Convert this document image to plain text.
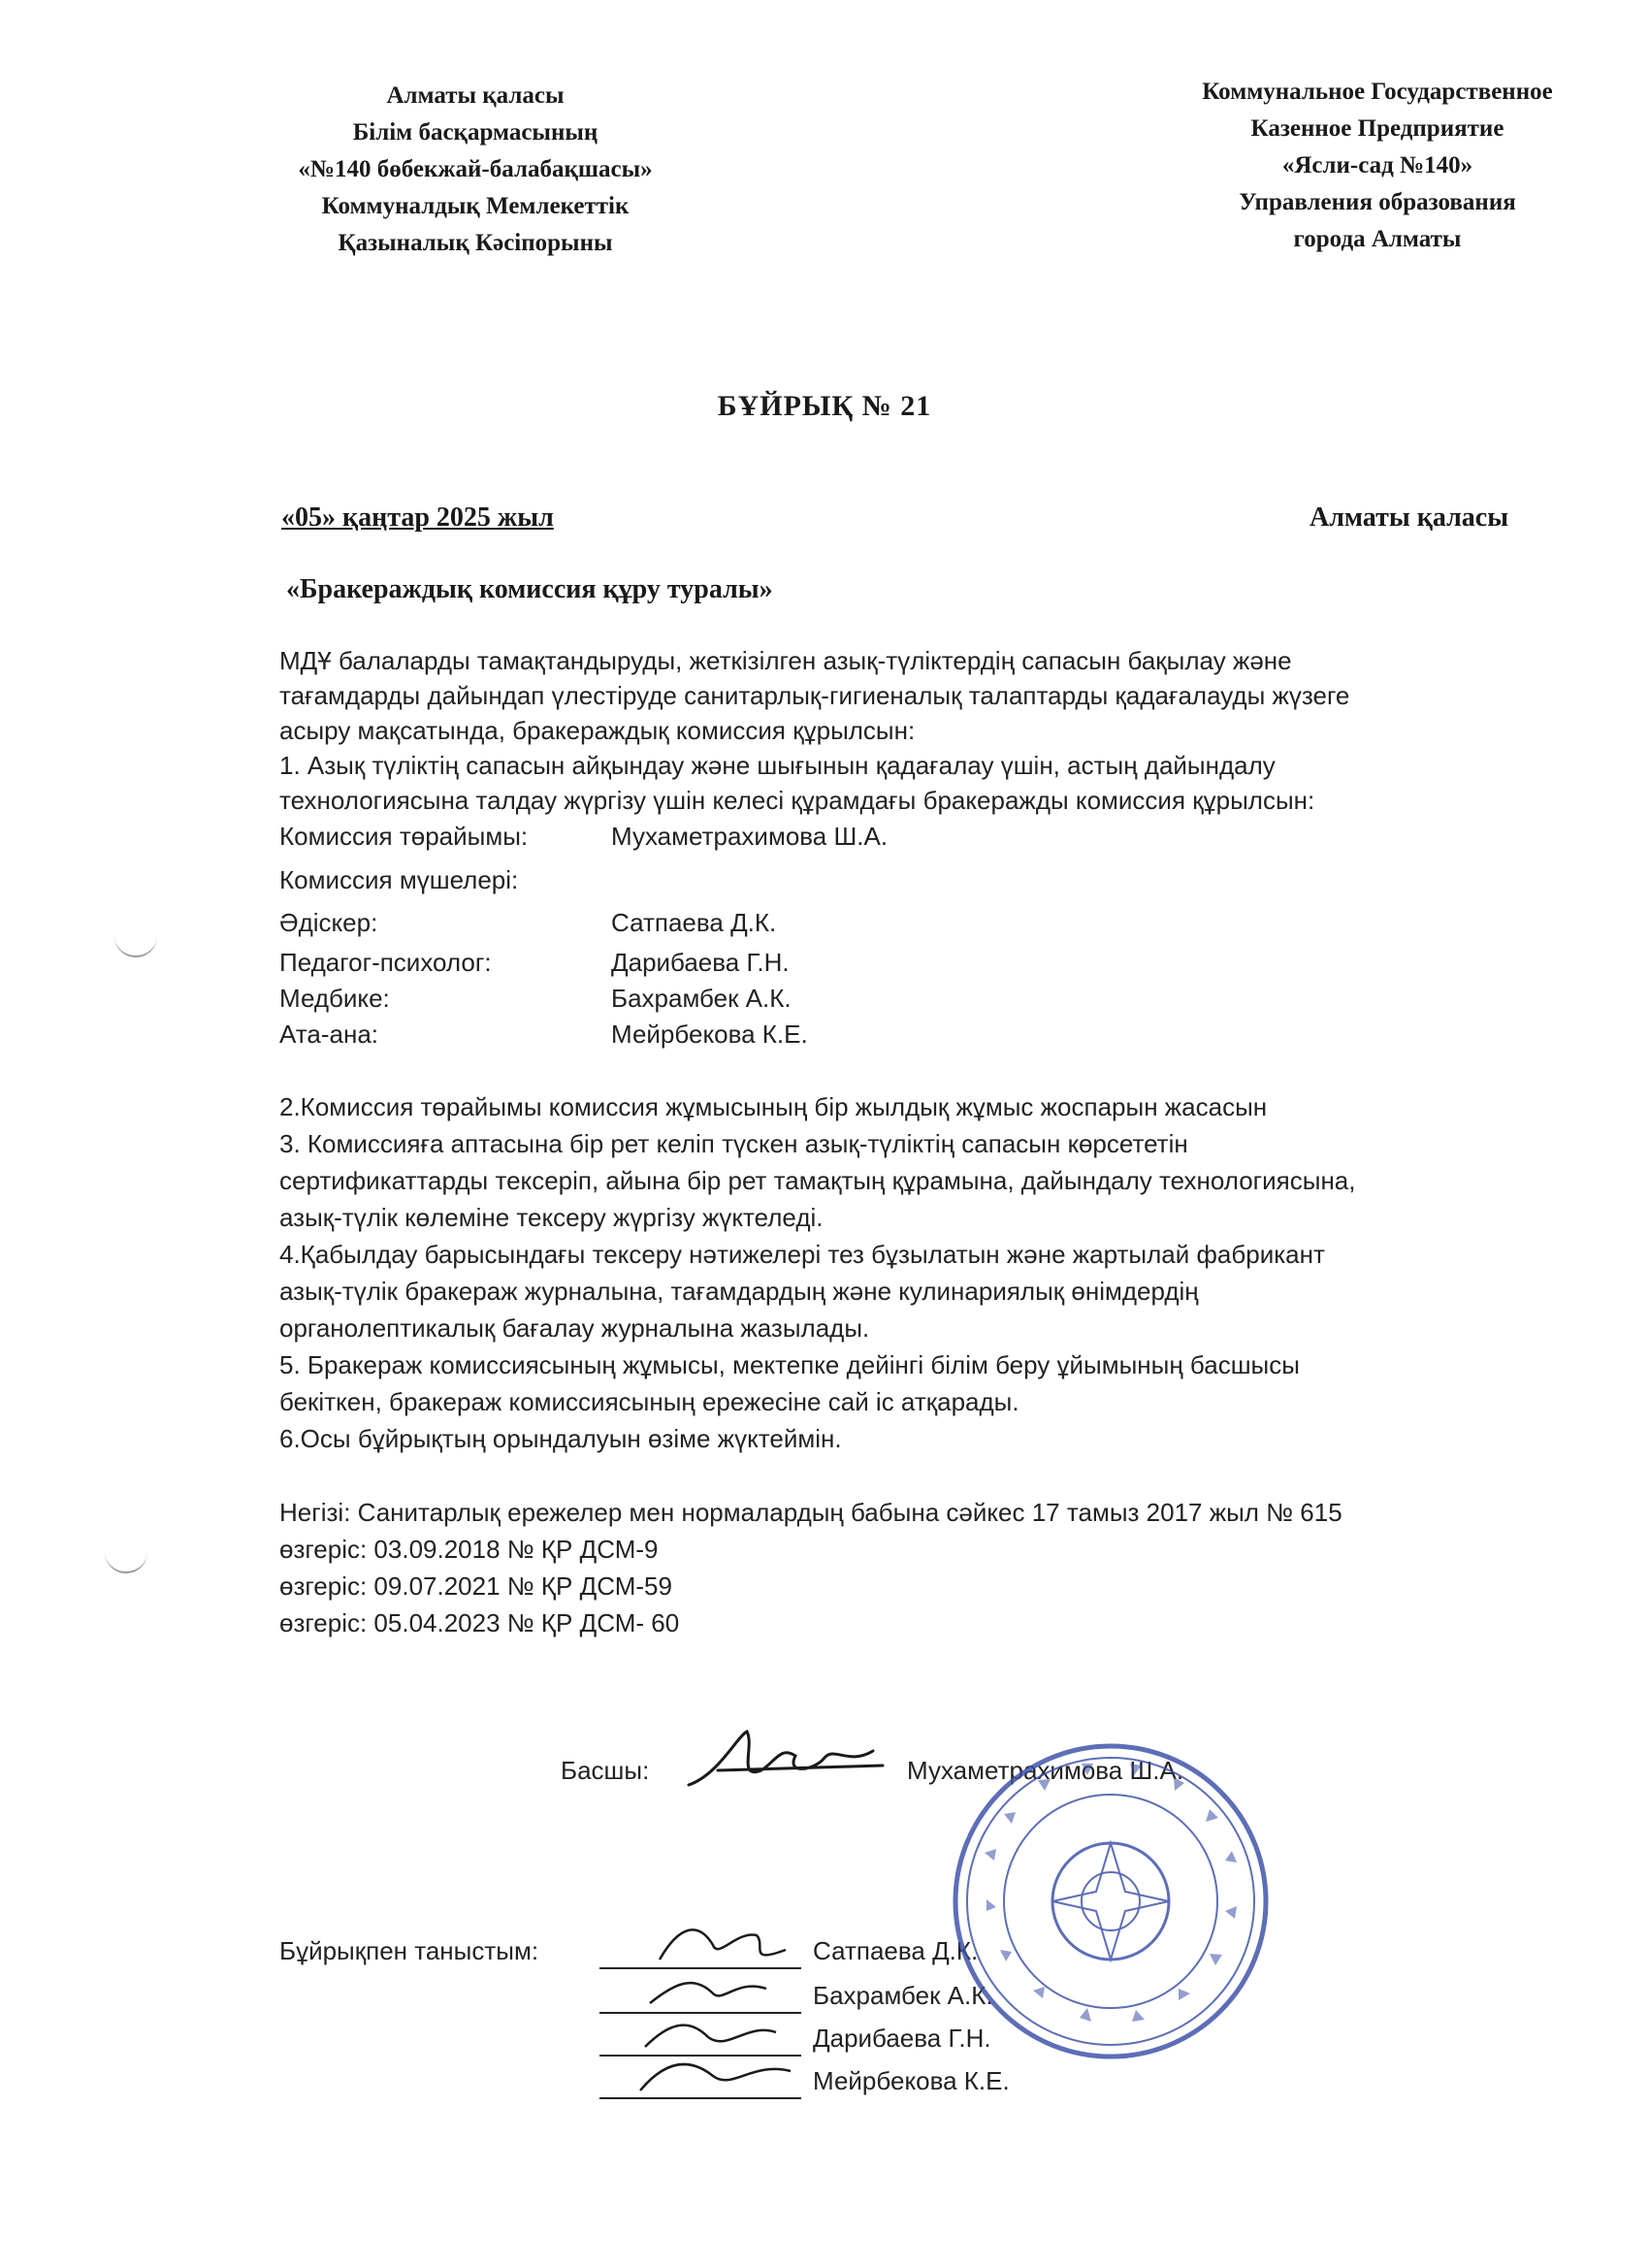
Алматы қаласы
Білім басқармасының
«№140 бөбекжай-балабақшасы»
Коммуналдық Мемлекеттік
Қазыналық Кәсіпорыны
Коммунальное Государственное
Казенное Предприятие
«Ясли-сад №140»
Управления образования
города Алматы
БҰЙРЫҚ № 21
«05» қаңтар 2025 жыл	Алматы қаласы
«Бракераждық комиссия құру туралы»
МДҰ балаларды тамақтандыруды, жеткізілген азық-түліктердің сапасын бақылау және
тағамдарды дайындап үлестіруде санитарлық-гигиеналық талаптарды қадағалауды жүзеге
асыру мақсатында, бракераждық комиссия құрылсын:
1. Азық түліктің сапасын айқындау және шығынын қадағалау үшін, астың дайындалу
технологиясына талдау жүргізу үшін келесі құрамдағы бракеражды комиссия құрылсын:
Комиссия төрайымы:	Мухаметрахимова Ш.А.
Комиссия мүшелері:
Әдіскер:	Сатпаева Д.К.
Педагог-психолог:	Дарибаева Г.Н.
Медбике:	Бахрамбек А.К.
Ата-ана:	Мейрбекова К.Е.
2.Комиссия төрайымы комиссия жұмысының бір жылдық жұмыс жоспарын жасасын
3. Комиссияға аптасына бір рет келіп түскен азық-түліктің сапасын көрсететін
сертификаттарды тексеріп, айына бір рет тамақтың құрамына, дайындалу технологиясына,
азық-түлік көлеміне тексеру жүргізу жүктеледі.
4.Қабылдау барысындағы тексеру нәтижелері тез бұзылатын және жартылай фабрикант
азық-түлік бракераж журналына, тағамдардың және кулинариялық өнімдердің
органолептикалық бағалау журналына жазылады.
5. Бракераж комиссиясының жұмысы, мектепке дейінгі білім беру ұйымының басшысы
бекіткен, бракераж комиссиясының ережесіне сай іс атқарады.
6.Осы бұйрықтың орындалуын өзіме жүктеймін.
Негізі: Санитарлық ережелер мен нормалардың бабына сәйкес 17 тамыз 2017 жыл № 615
өзгеріс: 03.09.2018 № ҚР ДСМ-9
өзгеріс: 09.07.2021 № ҚР ДСМ-59
өзгеріс: 05.04.2023 № ҚР ДСМ- 60
Басшы:	Мухаметрахимова Ш.А.
Бұйрықпен таныстым:	Сатпаева Д.К.
Бахрамбек А.К.
Дарибаева Г.Н.
Мейрбекова К.Е.
